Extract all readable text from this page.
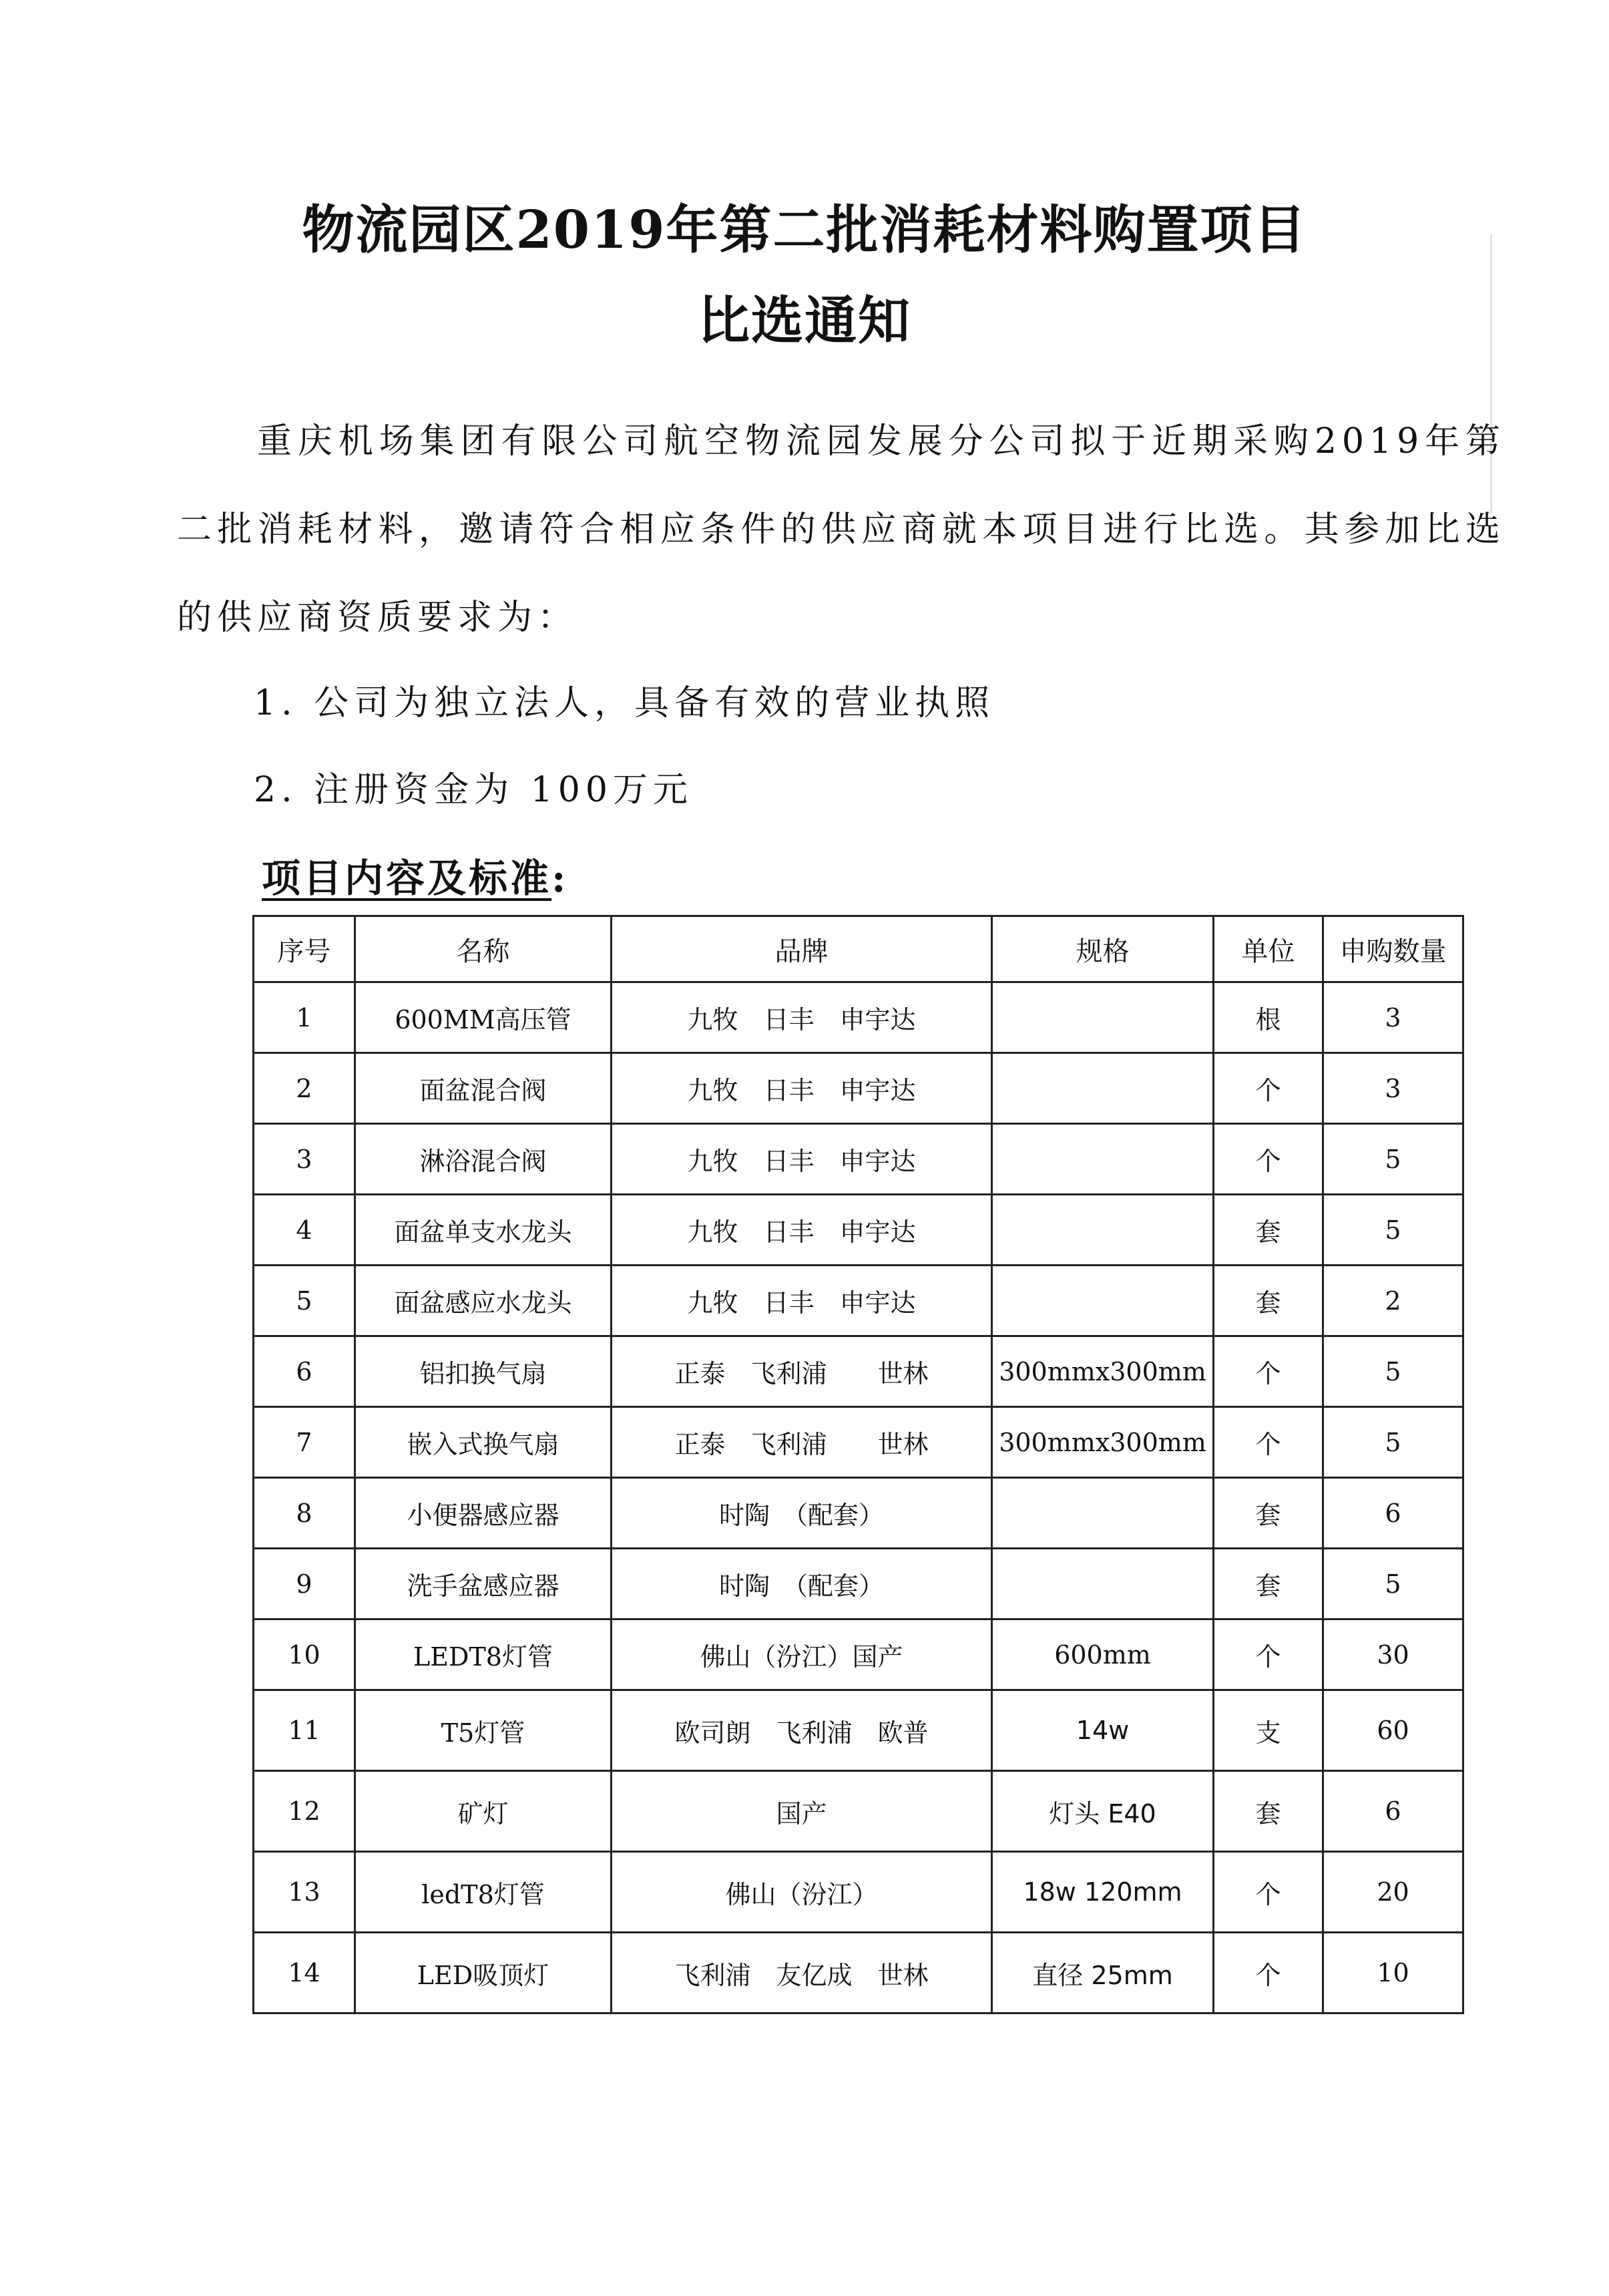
物流园区2019年第二批消耗材料购置项目
比选通知
重庆机场集团有限公司航空物流园发展分公司拟于近期采购2019年第二批消耗材料，邀请符合相应条件的供应商就本项目进行比选。其参加比选的供应商资质要求为：
1. 公司为独立法人，具备有效的营业执照
2. 注册资金为 100万元
项目内容及标准:
序号	名称	品牌	规格	单位	申购数量
1	600MM高压管	九牧　日丰　申宇达		根	3
2	面盆混合阀	九牧　日丰　申宇达		个	3
3	淋浴混合阀	九牧　日丰　申宇达		个	5
4	面盆单支水龙头	九牧　日丰　申宇达		套	5
5	面盆感应水龙头	九牧　日丰　申宇达		套	2
6	铝扣换气扇	正泰　飞利浦　　世林	300mmx300mm	个	5
7	嵌入式换气扇	正泰　飞利浦　　世林	300mmx300mm	个	5
8	小便器感应器	时陶　（配套）		套	6
9	洗手盆感应器	时陶　（配套）		套	5
10	LEDT8灯管	佛山（汾江）国产	600mm	个	30
11	T5灯管	欧司朗　飞利浦　欧普	14w	支	60
12	矿灯	国产	灯头 E40	套	6
13	ledT8灯管	佛山（汾江）	18w 120mm	个	20
14	LED吸顶灯	飞利浦　友亿成　世林	直径 25mm	个	10
